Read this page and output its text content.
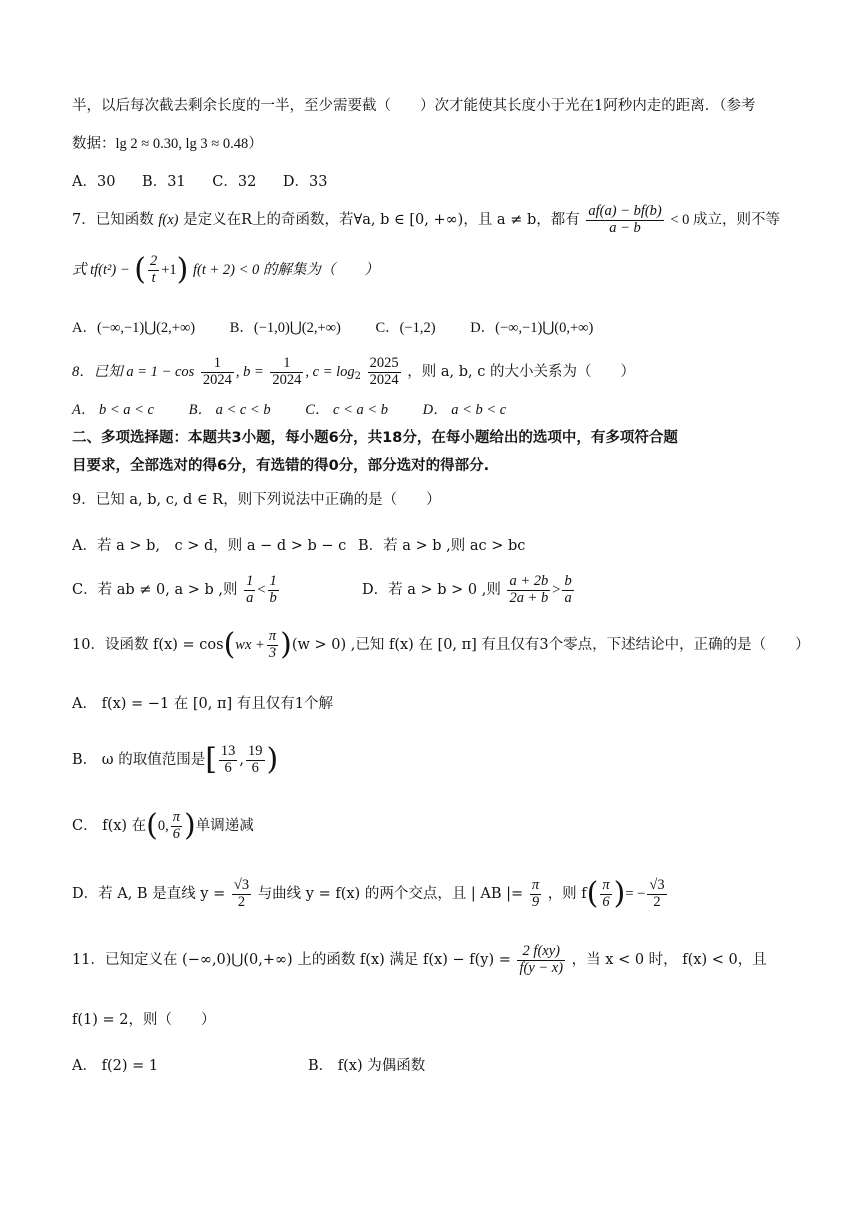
半，以后每次截去剩余长度的一半，至少需要截（　　）次才能使其长度小于光在1阿秒内走的距离．（参考
数据：lg 2 ≈ 0.30, lg 3 ≈ 0.48）
A．30 B．31 C．32 D．33
7．已知函数 f(x) 是定义在R上的奇函数，若∀a, b ∈ [0, +∞)，且 a ≠ b，都有 $\frac{af(a) - bf(b)}{a - b} < 0$ 成立，则不等
式 tf(t²) − ( $\frac{2}{t} +1$) f(t + 2) < 0 的解集为（　　）
A．(−∞,−1)⋃(2,+∞) B．(−1,0)⋃(2,+∞) C．(−1,2) D．(−∞,−1)⋃(0,+∞)
8．已知 $a = 1 - \cos \frac{1}{2024}$ , $b = \frac{1}{2024}$ , $c = \log_2 \frac{2025}{2024}$ ，则 a, b, c 的大小关系为（　　）
A． b < a < c B． a < c < b C． c < a < b D． a < b < c
二、多项选择题：本题共3小题，每小题6分，共18分，在每小题给出的选项中，有多项符合题
目要求，全部选对的得6分，有选错的得0分，部分选对的得部分.
9．已知 a, b, c, d ∈ R，则下列说法中正确的是（　　）
A．若 a > b,　c > d，则 a − d > b − c B．若 a > b ,则 ac > bc
C．若 ab ≠ 0, a > b ,则 $\frac{1}{a} < \frac{1}{b}$	D．若 a > b > 0 ,则 $\frac{a + 2b}{2a + b} > \frac{b}{a}$
10．设函数 $f(x) = \cos(wx + \frac{\pi}{3} )(w > 0)$ ,已知 f(x) 在 [0, π] 有且仅有3个零点，下述结论中，正确的是（　　）
A． f(x) = −1 在 [0, π] 有且仅有1个解
B． ω 的取值范围是[ $\frac{13}{6}$ , $\frac{19}{6}$ )
C． f(x) 在(0, $\frac{\pi}{6}$ )单调递减
D．若 A, B 是直线 $y = \frac{√3}{2}$ 与曲线 y = f(x) 的两个交点，且 | AB |= $\frac{\pi}{9}$ ，则 $f( \frac{\pi}{6}$ )= − $\frac{√3}{2}$
11．已知定义在 (−∞,0)⋃(0,+∞) 上的函数 f(x) 满足 $f(x) - f(y) = \frac{2 f(xy)}{f(y - x)}$ ，当 x < 0 时， f(x) < 0，且
f(1) = 2，则（　　）
A． f(2) = 1	B． f(x) 为偶函数
